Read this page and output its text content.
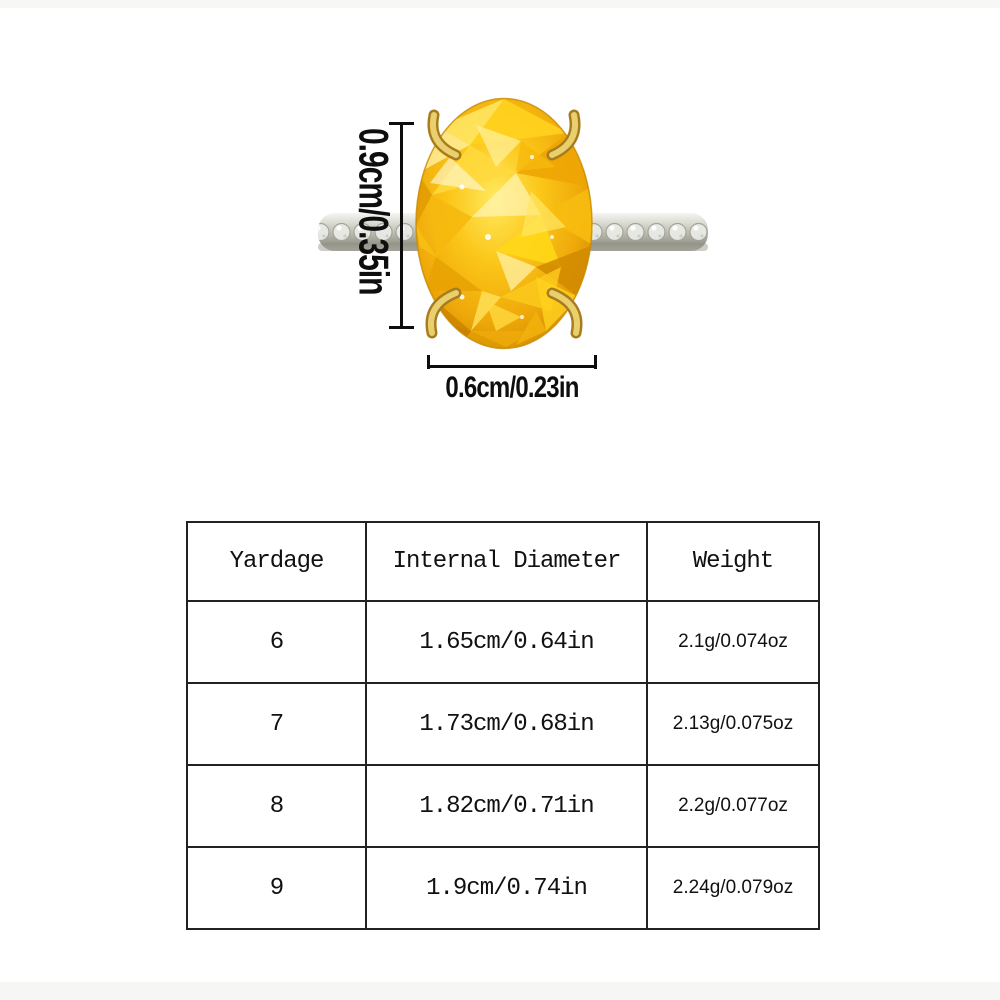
0.9cm/0.35in
0.6cm/0.23in
Yardage	Internal Diameter	Weight
6	1.65cm/0.64in	2.1g/0.074oz
7	1.73cm/0.68in	2.13g/0.075oz
8	1.82cm/0.71in	2.2g/0.077oz
9	1.9cm/0.74in	2.24g/0.079oz
